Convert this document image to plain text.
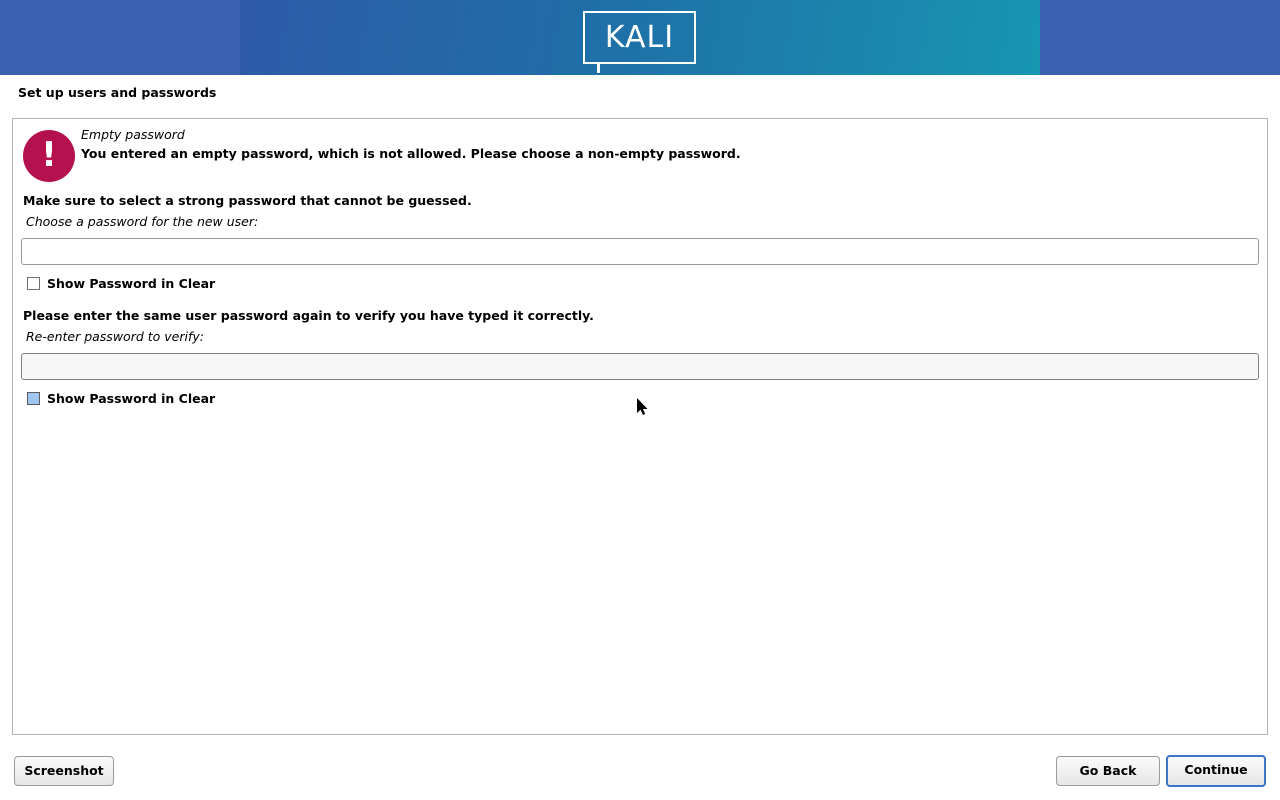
KALI
Set up users and passwords
!
Empty password
You entered an empty password, which is not allowed. Please choose a non-empty password.
Make sure to select a strong password that cannot be guessed.
Choose a password for the new user:
Show Password in Clear
Please enter the same user password again to verify you have typed it correctly.
Re-enter password to verify:
Show Password in Clear
Screenshot	Go Back	Continue
